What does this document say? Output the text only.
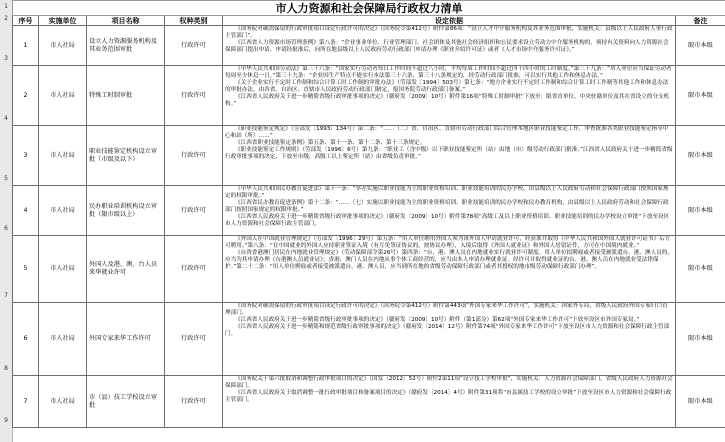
1
2
3
4
5
6
7
8
9
市人力资源和社会保障局行政权力清单					
序号	实施单位	项目名称	权种类别	设定依据	备注
1	市人社局	设立人力资源服务机构及其业务范围审批	行政许可	《国务院对确需保留的行政审批项目设定行政许可的决定》（国务院令第412号）附件第86项：“设立人才中介服务机构及其业务范围审批，实施机关：县级以上人民政府人事行政主管部门”。

《江西省人力资源市场管理条例》第八条：“企业事业单位、行业管理部门、社会团体及其他社会经济组织和公民要求设立劳动力中介服务机构的，须持有关资料向人力资源社会保障部门提出申请。申请经批准后，向所在地县级以上人民政府劳动行政部门申请办理《职业介绍许可证》或者《人才市场中介服务许可证》。”	限市本级
2	市人社局	特殊工时制审批	行政许可	《中华人民共和国劳动法》第三十六条：“国家实行劳动者每日工作时间不超过八小时，平均每周工作时间不超过四十四小时的工时制度。”第三十九条：“用人单位应当保证劳动者每周至少休息一日。”第三十九条：“企业因生产特点不能实行本法第三十六条、第三十八条规定的，经劳动行政部门批准，可以实行其他工作和休息办法。”

《关于企业实行不定时工作制和综合计算工时工作制的审批办法》（劳部发〔1994〕503号）第七条：“地方企业实行不定时工作制和综合计算工时工作制等其他工作和休息办法的审批办法，由各省、自治区、直辖市人民政府劳动行政部门制定，报国务院劳动行政部门备案。”

《江西省人民政府关于进一步精简省级行政审批事项的决定》（赣府发〔2009〕10号）附件第16项“特殊工时制审批”下放至：限省直单位、中央驻赣单位及其在省设立的分支机构。”	限市本级
3	市人社局	职业技能鉴定机构设立审批（市级及以下）	行政许可	《职业技能鉴定规定》（劳部发〔1993〕134号）第二条：“……（二）省、自治区、直辖市劳动行政部门综合管理本地区职业技能鉴定工作，审查批准各类职业技能鉴定指导中心和站（所）……”

《江西省职业技能鉴定条例》第五条、第十一条、第十二条、第十三条规定。

《职业技能鉴定工作规则》（劳部发〔1996〕6号）第九条：“职业工（含中级）以下职业技能鉴定所（站）由地（市）级劳动行政部门批准。”江西省人民政府关于进一步精简省级行政审批事项的决定，下放至市级，高级工以上鉴定所（站）由省级负责审批。”	限市本级
4	市人社局	民办职业培训机构设立审批（限市级以上）	行政许可	《中华人民共和国民办教育促进法》第十一条：“举办实施以职业技能为主的职业资格培训、职业技能培训的民办学校，由县级以上人民政府劳动和社会保障行政部门按照国家规定的权限审批。”

《江西省民办教育促进条例》第十二条：“……（七）实施以职业技能为主的职业资格培训、职业技能培训的民办学校和民办教育机构，由县级以上人民政府劳动和社会保障行政部门按照国家规定的权限审批。”

《江西省人民政府关于进一步精简省级行政审批事项的决定》（赣府发〔2009〕10号）附件第78项“高级工及以上职业资格培训、职业技能培训的民办学校设立审批”下放至设区市人力资源和社会保障行政主管部门。	限市本级
5	市人社局	外国人及港、澳、台人员来华就业许可	行政许可	《外国人在中国就业管理规定》（劳部发〔1996〕29号）第五条：“用人单位聘用外国人须为该外国人申请就业许可，经获准并取得《中华人民共和国外国人就业许可证书》后方可聘用。”第八条：“在中国就业的外国人应持职业签证入境（有互免签证协议的，按协议办理），入境后取得《外国人就业证》和外国人居留证件，方可在中国境内就业。”

《台湾香港澳门居民在内地就业管理规定》（劳动保障部令第26号）第四条：“台、港、澳人员在内地就业实行就业许可制度。用人单位拟聘雇或者接受被派遣台、港、澳人员的，应当为其申请办理《台港澳人员就业证》；香港、澳门人员在内地从事个体工商经营的，应当由本人申请办理就业证。经许可并取得就业证的台、港、澳人员在内地就业受法律保护。”第二十二条：“用人单位聘雇或者接受被派遣台、港、澳人员，应当到所在地的省级劳动保障行政部门或者其授权的地市级劳动保障行政部门办理”。	限市本级
6	市人社局	外国专家来华工作许可	行政许可	《国务院对确需保留的行政审批项目设定行政许可的决定》（国务院令第412号）附件第443项“外国专家来华工作许可”，实施机关：国家外专局，省级人民政府外国专家归口管理部门。

《江西省人民政府关于进一步精简省级行政审批事项的决定》（赣府发〔2009〕10号）附件（第1部分）第62项“外国专家来华工作许可”下放至设区市外国专家局。”

《江西省人民政府关于进一步精简和规范省级行政审批事项的决定》（赣府发〔2014〕12号）附件第74项“外国专家来华工作许可”下放至设区市人力资源和社会保障行政主管部门。	限市本级
7	市人社局	市（县）技工学校设立审批	行政许可	《国务院关于第六批取消和调整行政审批项目的决定》（国发〔2012〕52号）附件2第11项“设立技工学校审批”，实施机关：人力资源社会保障部门，省级人民政府人力资源社会保障部门。

《江西省人民政府关于取消调整一批行政审批项目和备案项目的决定》（赣府发〔2014〕4号）附件第31项将“市县属技工学校的设立审批”下放至设区市人力资源和社会保障行政主管部门。	限市本级
